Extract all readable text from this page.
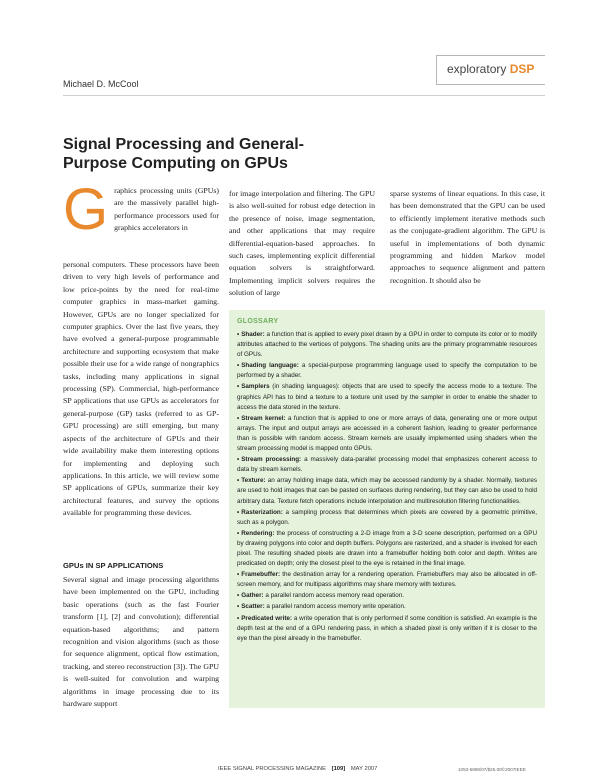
Michael D. McCool
exploratory DSP
Signal Processing and General-Purpose Computing on GPUs
Graphics processing units (GPUs) are the massively parallel high-performance processors used for graphics accelerators in
personal computers. These processors have been driven to very high levels of performance and low price-points by the need for real-time computer graphics in mass-market gaming. However, GPUs are no longer specialized for computer graphics. Over the last five years, they have evolved a general-purpose programmable architecture and supporting ecosystem that make possible their use for a wide range of nongraphics tasks, including many applications in signal processing (SP). Commercial, high-performance SP applications that use GPUs as accelerators for general-purpose (GP) tasks (referred to as GP-GPU processing) are still emerging, but many aspects of the architecture of GPUs and their wide availability make them interesting options for implementing and deploying such applications. In this article, we will review some SP applications of GPUs, summarize their key architectural features, and survey the options available for programming these devices.
GPUs IN SP APPLICATIONS
Several signal and image processing algorithms have been implemented on the GPU, including basic operations (such as the fast Fourier transform [1], [2] and convolution); differential equation-based algorithms; and pattern recognition and vision algorithms (such as those for sequence alignment, optical flow estimation, tracking, and stereo reconstruction [3]). The GPU is well-suited for convolution and warping algorithms in image processing due to its hardware support
for image interpolation and filtering. The GPU is also well-suited for robust edge detection in the presence of noise, image segmentation, and other applications that may require differential-equation-based approaches. In such cases, implementing explicit differential equation solvers is straightforward. Implementing implicit solvers requires the solution of large
sparse systems of linear equations. In this case, it has been demonstrated that the GPU can be used to efficiently implement iterative methods such as the conjugate-gradient algorithm. The GPU is useful in implementations of both dynamic programming and hidden Markov model approaches to sequence alignment and pattern recognition. It should also be
GLOSSARY
• Shader: a function that is applied to every pixel drawn by a GPU in order to compute its color or to modify attributes attached to the vertices of polygons. The shading units are the primary programmable resources of GPUs.
• Shading language: a special-purpose programming language used to specify the computation to be performed by a shader.
• Samplers (in shading languages): objects that are used to specify the access mode to a texture. The graphics API has to bind a texture to a texture unit used by the sampler in order to enable the shader to access the data stored in the texture.
• Stream kernel: a function that is applied to one or more arrays of data, generating one or more output arrays. The input and output arrays are accessed in a coherent fashion, leading to greater performance than is possible with random access. Stream kernels are usually implemented using shaders when the stream processing model is mapped onto GPUs.
• Stream processing: a massively data-parallel processing model that emphasizes coherent access to data by stream kernels.
• Texture: an array holding image data, which may be accessed randomly by a shader. Normally, textures are used to hold images that can be pasted on surfaces during rendering, but they can also be used to hold arbitrary data. Texture fetch operations include interpolation and multiresolution filtering functionalities.
• Rasterization: a sampling process that determines which pixels are covered by a geometric primitive, such as a polygon.
• Rendering: the process of constructing a 2-D image from a 3-D scene description, performed on a GPU by drawing polygons into color and depth buffers. Polygons are rasterized, and a shader is invoked for each pixel. The resulting shaded pixels are drawn into a framebuffer holding both color and depth. Writes are predicated on depth; only the closest pixel to the eye is retained in the final image.
• Framebuffer: the destination array for a rendering operation. Framebuffers may also be allocated in off-screen memory, and for multipass algorithms may share memory with textures.
• Gather: a parallel random access memory read operation.
• Scatter: a parallel random access memory write operation.
• Predicated write: a write operation that is only performed if some condition is satisfied. An example is the depth test at the end of a GPU rendering pass, in which a shaded pixel is only written if it is closer to the eye than the pixel already in the framebuffer.
IEEE SIGNAL PROCESSING MAGAZINE [109] MAY 2007	1053-5888/07/$25.00©2007IEEE
